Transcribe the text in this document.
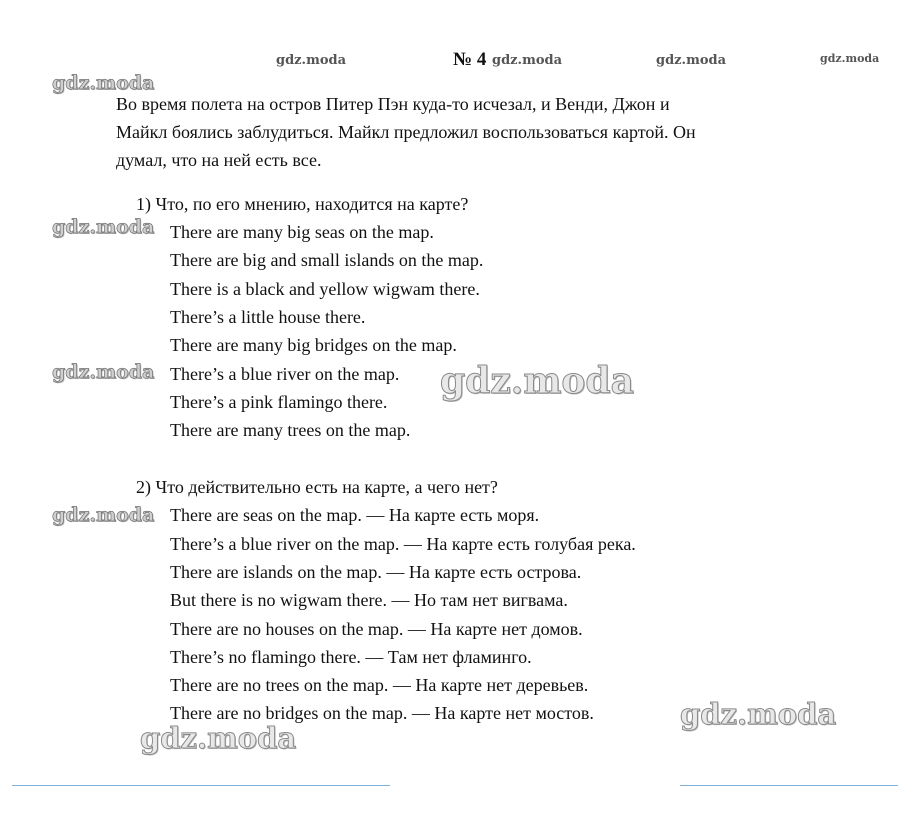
№ 4
gdz.moda	gdz.moda	gdz.moda	gdz.moda
gdz.moda
gdz.moda
gdz.moda
gdz.moda
Во время полета на остров Питер Пэн куда-то исчезал, и Венди, Джон и
Майкл боялись заблудиться. Майкл предложил воспользоваться картой. Он
думал, что на ней есть все.
1) Что, по его мнению, находится на карте?
There are many big seas on the map.
There are big and small islands on the map.
There is a black and yellow wigwam there.
There’s a little house there.
There are many big bridges on the map.
There’s a blue river on the map.
There’s a pink flamingo there.
There are many trees on the map.
gdz.moda
2) Что действительно есть на карте, а чего нет?
There are seas on the map. — На карте есть моря.
There’s a blue river on the map. — На карте есть голубая река.
There are islands on the map. — На карте есть острова.
But there is no wigwam there. — Но там нет вигвама.
There are no houses on the map. — На карте нет домов.
There’s no flamingo there. — Там нет фламинго.
There are no trees on the map. — На карте нет деревьев.
There are no bridges on the map. — На карте нет мостов.	gdz.moda
gdz.moda
